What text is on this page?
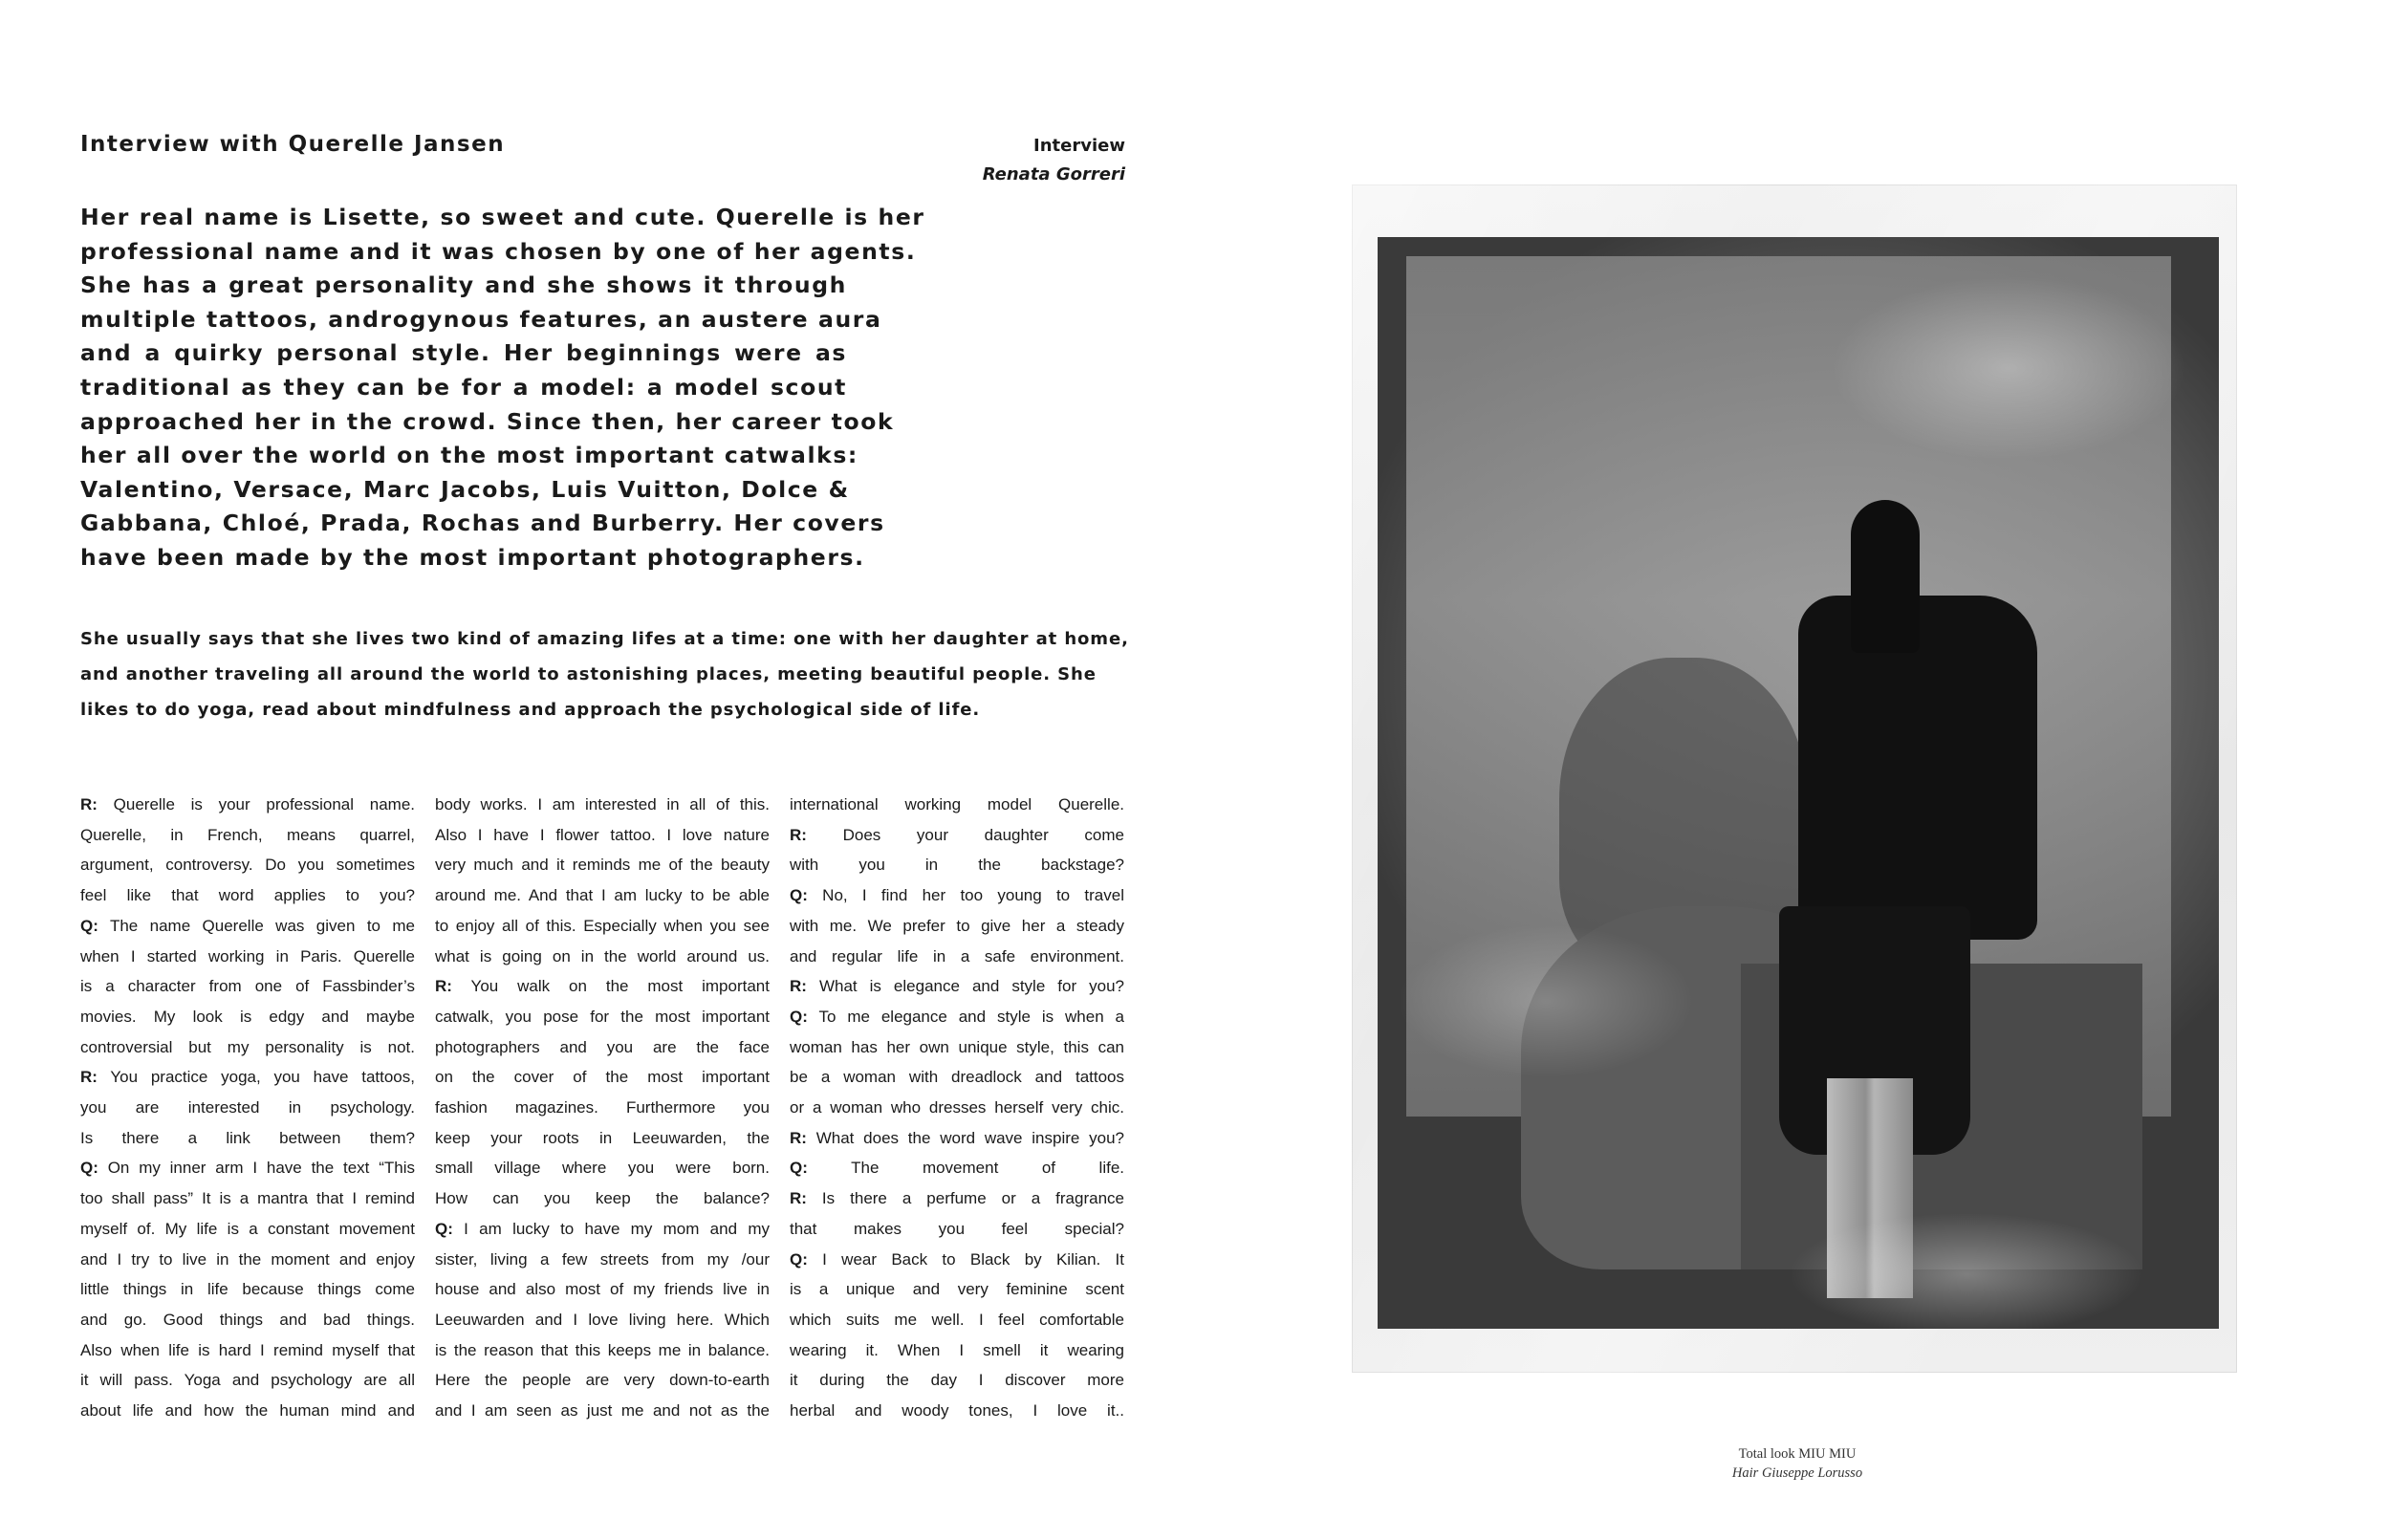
Interview with Querelle Jansen	Interview
Renata Gorreri
Her real name is Lisette, so sweet and cute. Querelle is her
professional name and it was chosen by one of her agents.
She has a great personality and she shows it through
multiple tattoos, androgynous features, an austere aura
and a quirky personal style. Her beginnings were as
traditional as they can be for a model: a model scout
approached her in the crowd. Since then, her career took
her all over the world on the most important catwalks:
Valentino, Versace, Marc Jacobs, Luis Vuitton, Dolce &
Gabbana, Chloé, Prada, Rochas and Burberry. Her covers
have been made by the most important photographers.
She usually says that she lives two kind of amazing lifes at a time: one with her daughter at home,
and another traveling all around the world to astonishing places, meeting beautiful people. She
likes to do yoga, read about mindfulness and approach the psychological side of life.
R: Querelle is your professional name.
Querelle, in French, means quarrel,
argument, controversy. Do you sometimes
feel like that word applies to you?
Q: The name Querelle was given to me
when I started working in Paris. Querelle
is a character from one of Fassbinder’s
movies. My look is edgy and maybe
controversial but my personality is not.
R: You practice yoga, you have tattoos,
you are interested in psychology.
Is there a link between them?
Q: On my inner arm I have the text “This
too shall pass” It is a mantra that I remind
myself of. My life is a constant movement
and I try to live in the moment and enjoy
little things in life because things come
and go. Good things and bad things.
Also when life is hard I remind myself that
it will pass. Yoga and psychology are all
about life and how the human mind and
body works. I am interested in all of this.
Also I have I flower tattoo. I love nature
very much and it reminds me of the beauty
around me. And that I am lucky to be able
to enjoy all of this. Especially when you see
what is going on in the world around us.
R: You walk on the most important
catwalk, you pose for the most important
photographers and you are the face
on the cover of the most important
fashion magazines. Furthermore you
keep your roots in Leeuwarden, the
small village where you were born.
How can you keep the balance?
Q: I am lucky to have my mom and my
sister, living a few streets from my /our
house and also most of my friends live in
Leeuwarden and I love living here. Which
is the reason that this keeps me in balance.
Here the people are very down-to-earth
and I am seen as just me and not as the
international working model Querelle.
R: Does your daughter come
with you in the backstage?
Q: No, I find her too young to travel
with me. We prefer to give her a steady
and regular life in a safe environment.
R: What is elegance and style for you?
Q: To me elegance and style is when a
woman has her own unique style, this can
be a woman with dreadlock and tattoos
or a woman who dresses herself very chic.
R: What does the word wave inspire you?
Q: The movement of life.
R: Is there a perfume or a fragrance
that makes you feel special?
Q: I wear Back to Black by Kilian. It
is a unique and very feminine scent
which suits me well. I feel comfortable
wearing it. When I smell it wearing
it during the day I discover more
herbal and woody tones, I love it..
Total look MIU MIU
Hair Giuseppe Lorusso
